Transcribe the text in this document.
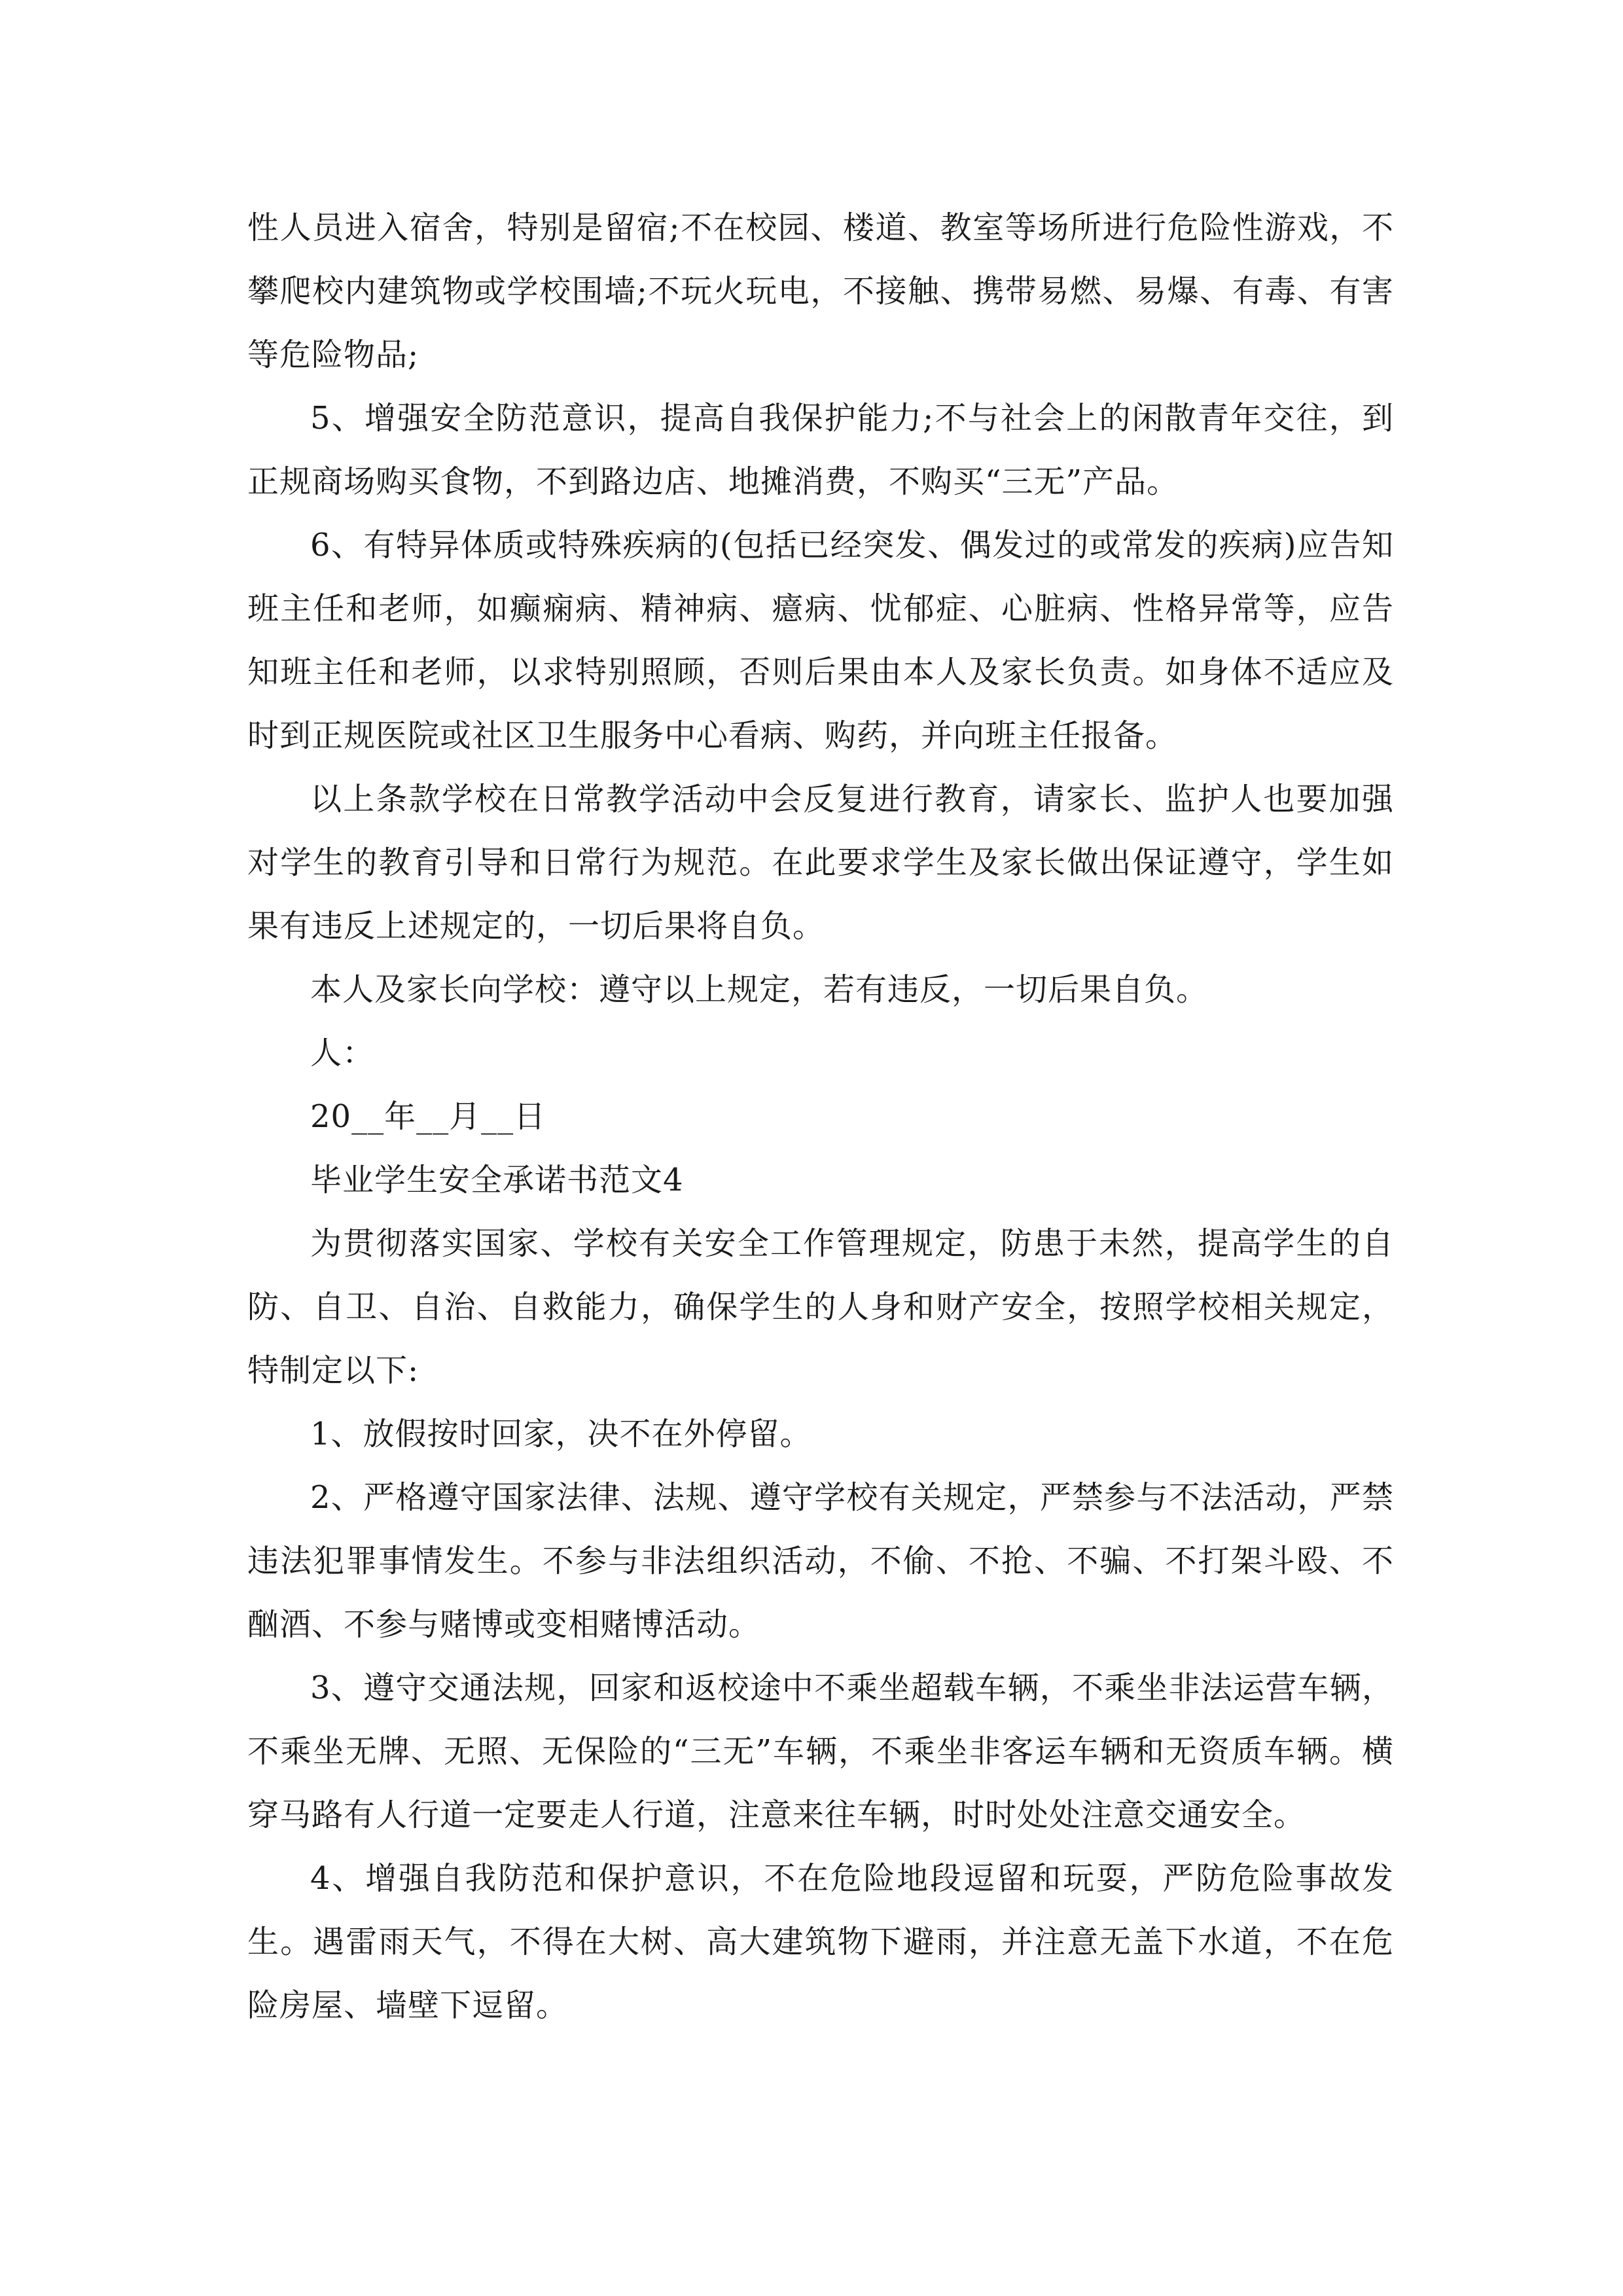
性人员进入宿舍，特别是留宿;不在校园、楼道、教室等场所进行危险性游戏，不攀爬校内建筑物或学校围墙;不玩火玩电，不接触、携带易燃、易爆、有毒、有害等危险物品;

5、增强安全防范意识，提高自我保护能力;不与社会上的闲散青年交往，到正规商场购买食物，不到路边店、地摊消费，不购买“三无”产品。

6、有特异体质或特殊疾病的(包括已经突发、偶发过的或常发的疾病)应告知班主任和老师，如癫痫病、精神病、癔病、忧郁症、心脏病、性格异常等，应告知班主任和老师，以求特别照顾，否则后果由本人及家长负责。如身体不适应及时到正规医院或社区卫生服务中心看病、购药，并向班主任报备。

以上条款学校在日常教学活动中会反复进行教育，请家长、监护人也要加强对学生的教育引导和日常行为规范。在此要求学生及家长做出保证遵守，学生如果有违反上述规定的，一切后果将自负。

本人及家长向学校：遵守以上规定，若有违反，一切后果自负。

人：

20__年__月__日

毕业学生安全承诺书范文4

为贯彻落实国家、学校有关安全工作管理规定，防患于未然，提高学生的自防、自卫、自治、自救能力，确保学生的人身和财产安全，按照学校相关规定，特制定以下:

1、放假按时回家，决不在外停留。

2、严格遵守国家法律、法规、遵守学校有关规定，严禁参与不法活动，严禁违法犯罪事情发生。不参与非法组织活动，不偷、不抢、不骗、不打架斗殴、不酗酒、不参与赌博或变相赌博活动。

3、遵守交通法规，回家和返校途中不乘坐超载车辆，不乘坐非法运营车辆，不乘坐无牌、无照、无保险的“三无”车辆，不乘坐非客运车辆和无资质车辆。横穿马路有人行道一定要走人行道，注意来往车辆，时时处处注意交通安全。

4、增强自我防范和保护意识，不在危险地段逗留和玩耍，严防危险事故发生。遇雷雨天气，不得在大树、高大建筑物下避雨，并注意无盖下水道，不在危险房屋、墙壁下逗留。
